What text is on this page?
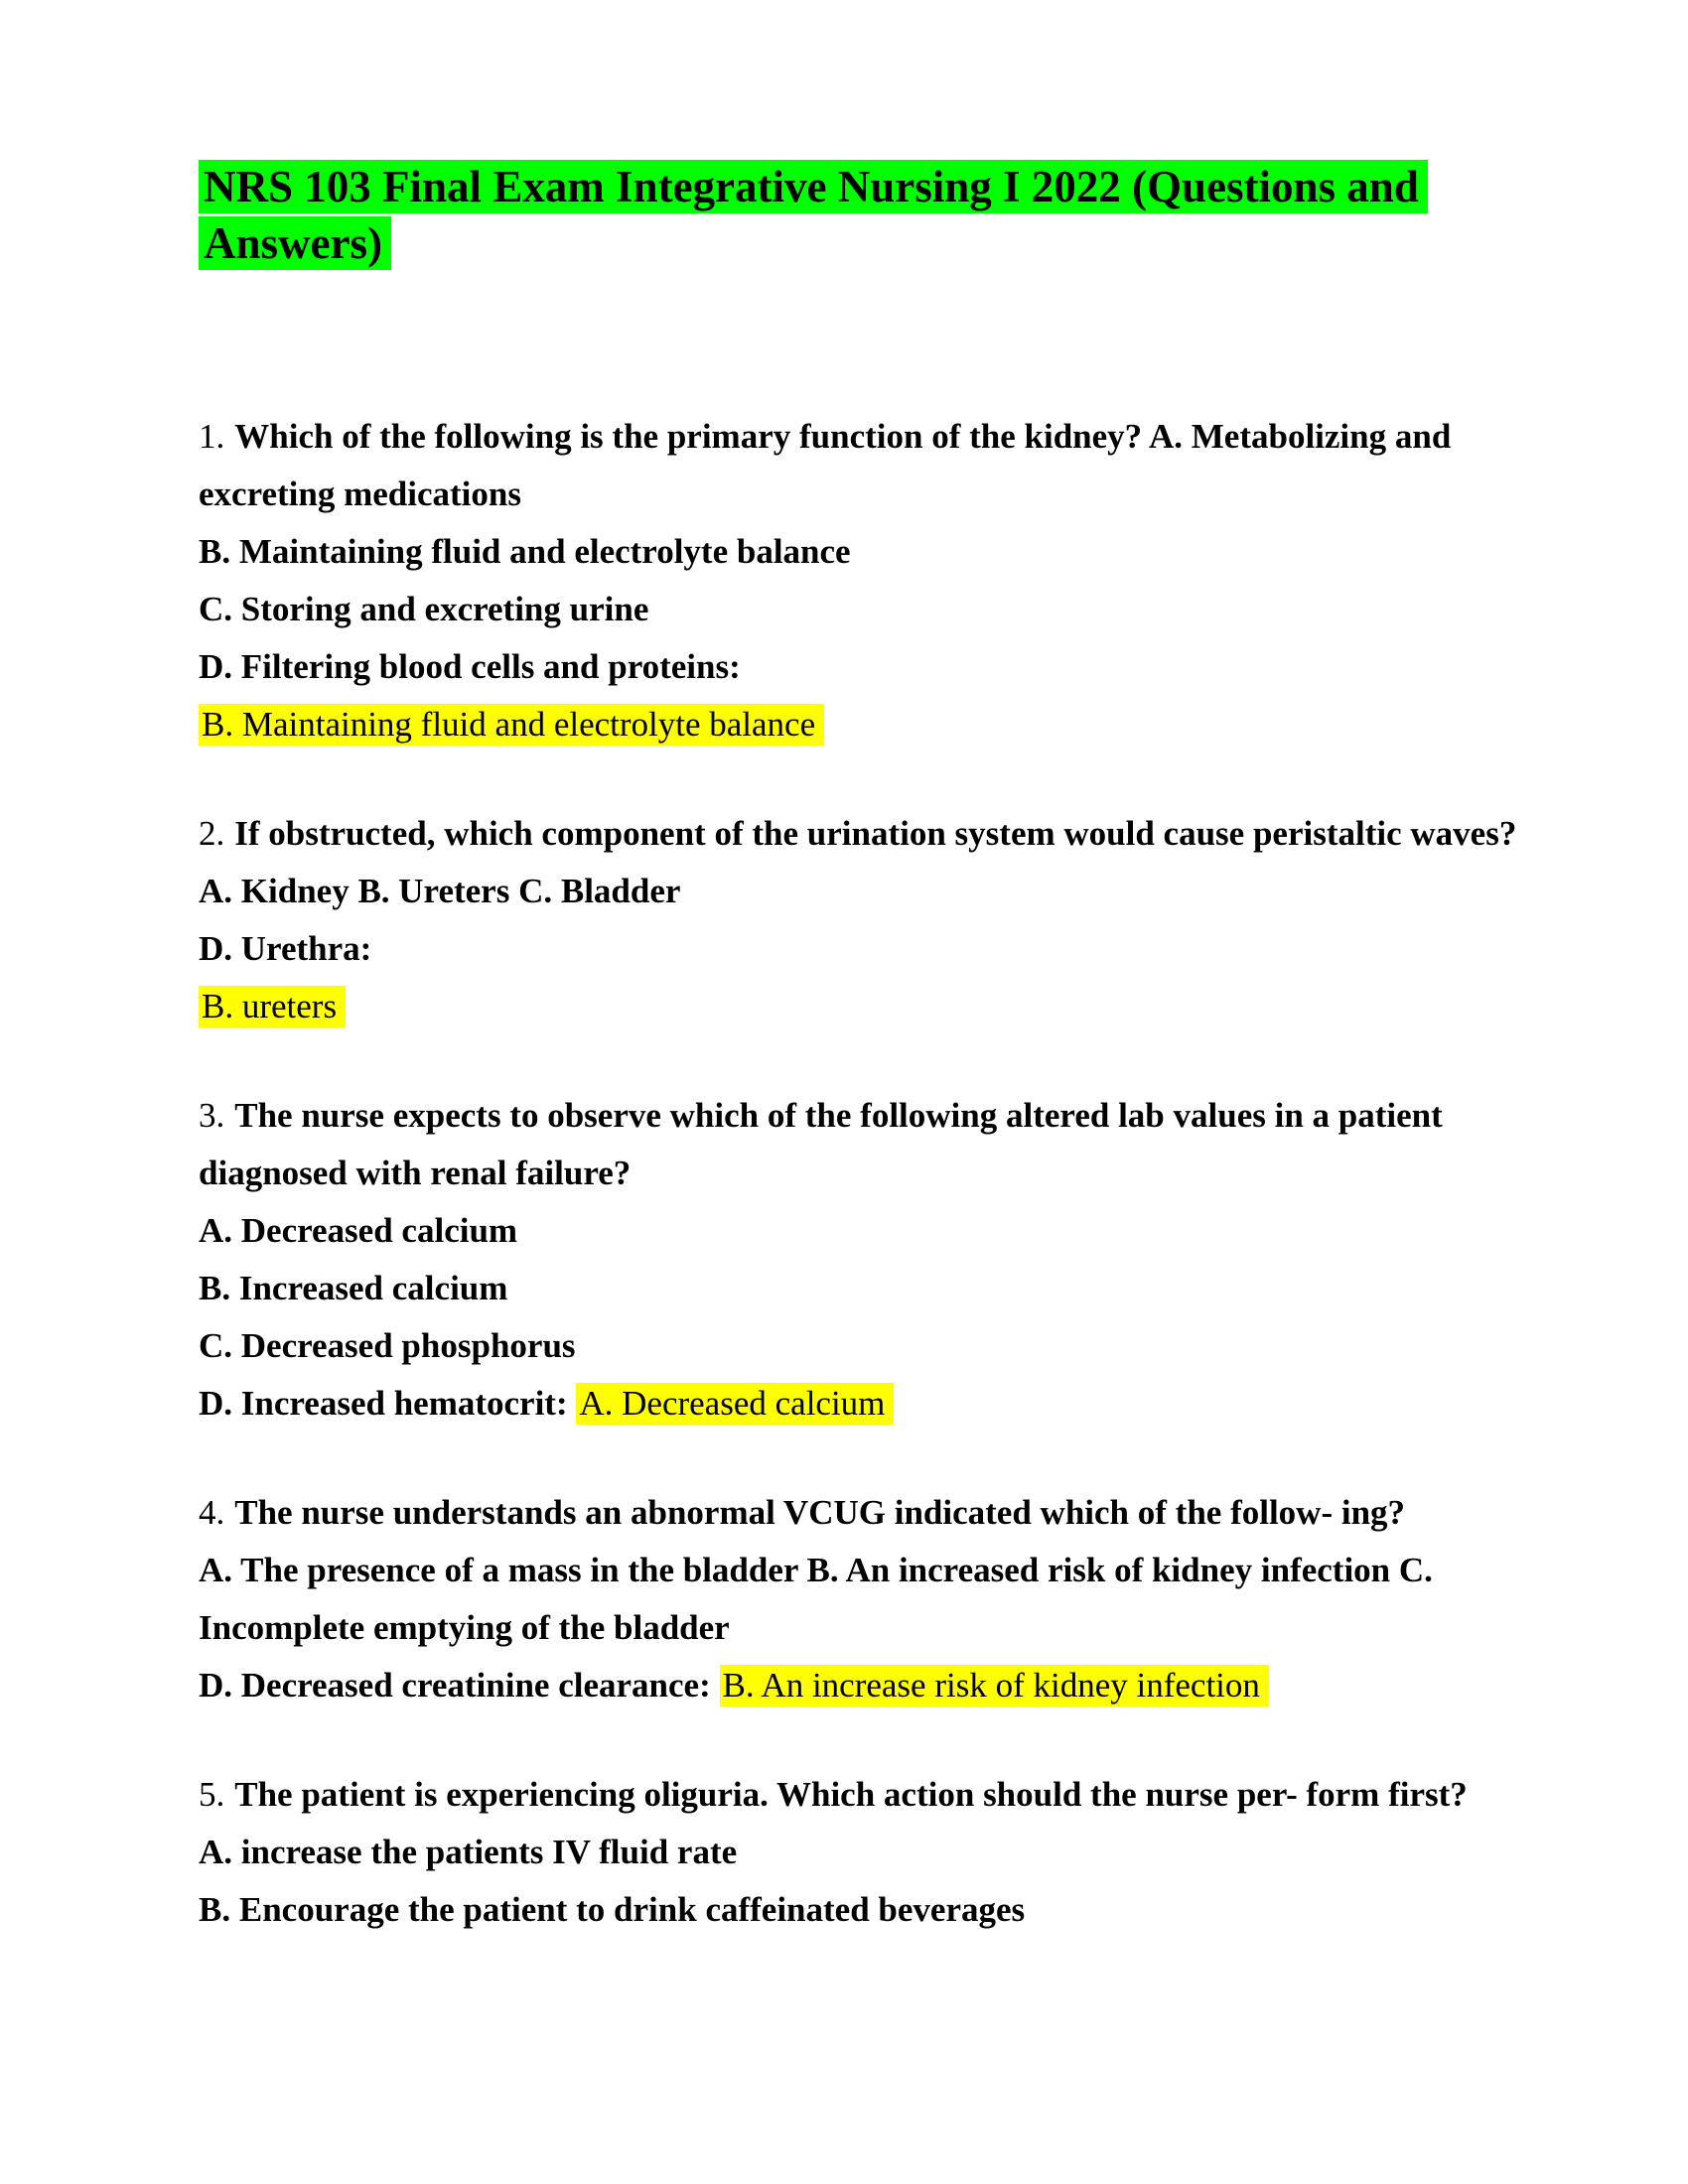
NRS 103 Final Exam Integrative Nursing I 2022 (Questions and Answers)
1. Which of the following is the primary function of the kidney? A. Metabolizing and
excreting medications
B. Maintaining fluid and electrolyte balance
C. Storing and excreting urine
D. Filtering blood cells and proteins:
B. Maintaining fluid and electrolyte balance
2. If obstructed, which component of the urination system would cause peristaltic waves?
A. Kidney B. Ureters C. Bladder
D. Urethra:
B. ureters
3. The nurse expects to observe which of the following altered lab values in a patient
diagnosed with renal failure?
A. Decreased calcium
B. Increased calcium
C. Decreased phosphorus
D. Increased hematocrit: A. Decreased calcium
4. The nurse understands an abnormal VCUG indicated which of the follow- ing?
A. The presence of a mass in the bladder B. An increased risk of kidney infection C.
Incomplete emptying of the bladder
D. Decreased creatinine clearance: B. An increase risk of kidney infection
5. The patient is experiencing oliguria. Which action should the nurse per- form first?
A. increase the patients IV fluid rate
B. Encourage the patient to drink caffeinated beverages
